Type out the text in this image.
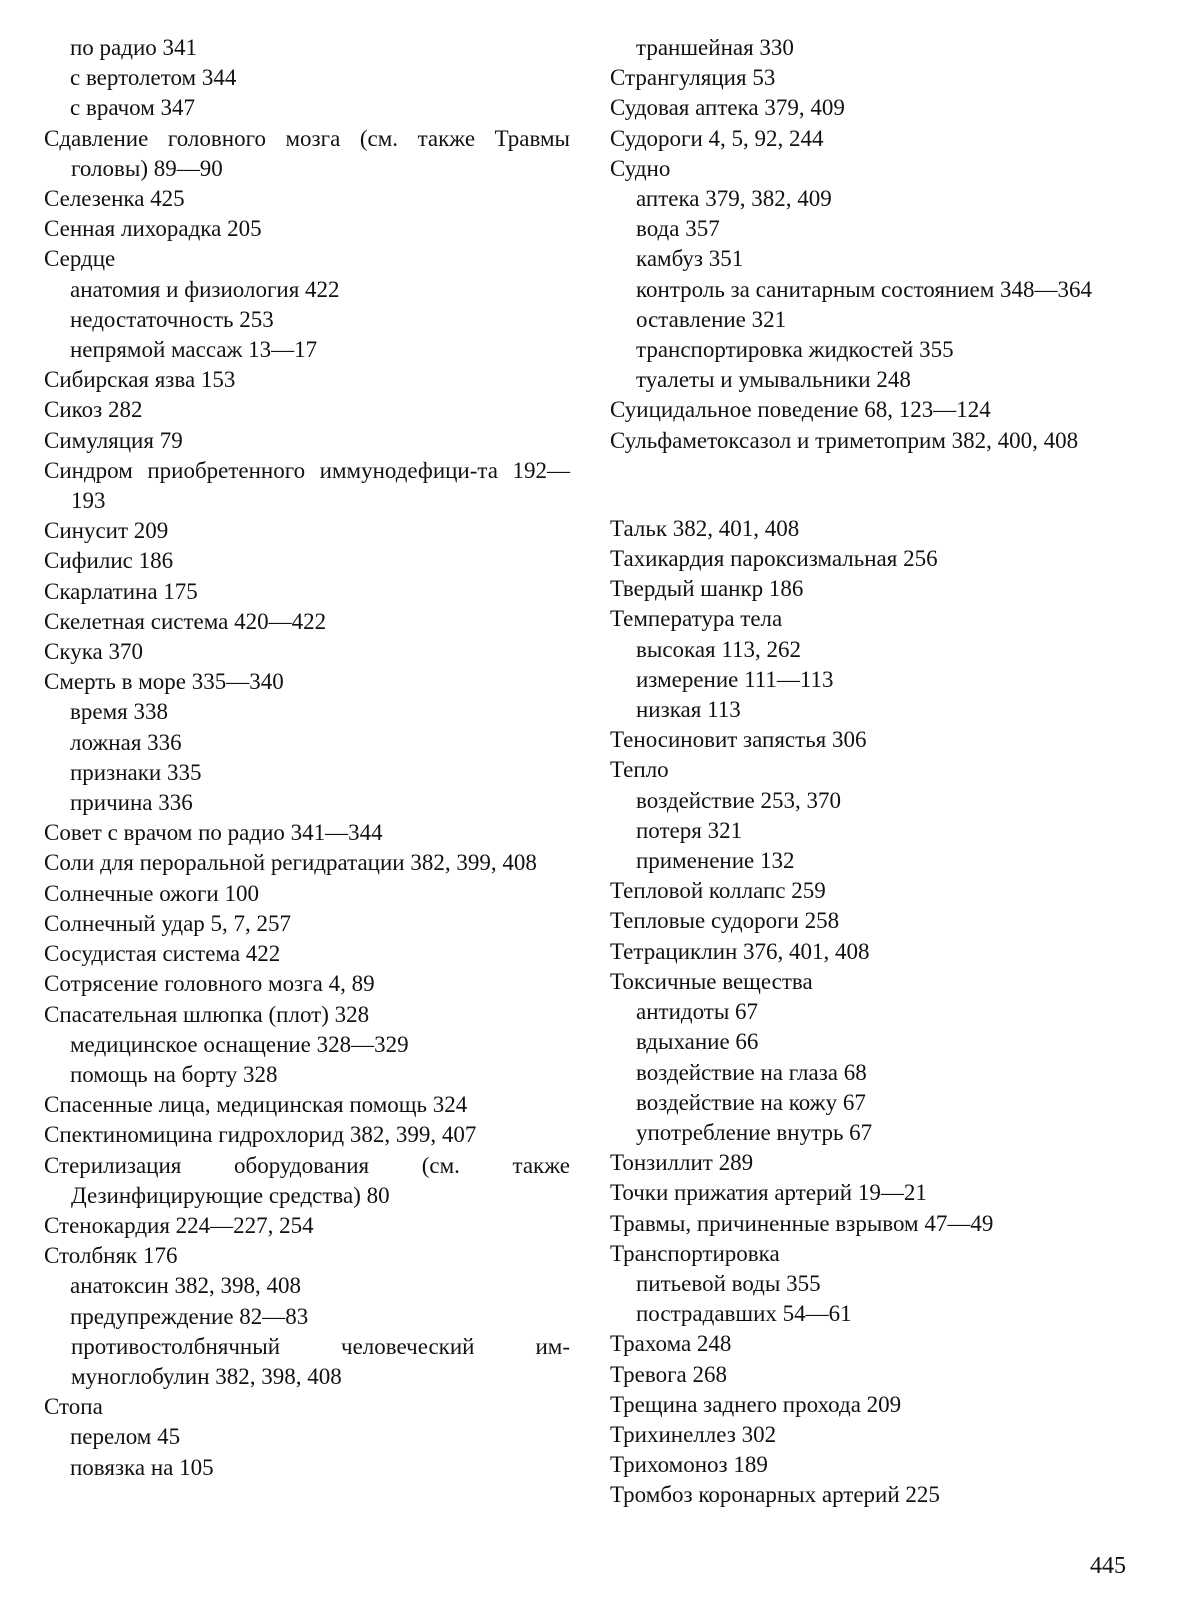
по радио 341

с вертолетом 344

с врачом 347

Сдавление головного мозга (см. также Травмы головы) 89—90

Селезенка 425

Сенная лихорадка 205

Сердце

анатомия и физиология 422

недостаточность 253

непрямой массаж 13—17

Сибирская язва 153

Сикоз 282

Симуляция 79

Синдром приобретенного иммунодефици-та 192—193

Синусит 209

Сифилис 186

Скарлатина 175

Скелетная система 420—422

Скука 370

Смерть в море 335—340

время 338

ложная 336

признаки 335

причина 336

Совет с врачом по радио 341—344

Соли для пероральной регидратации 382, 399, 408

Солнечные ожоги 100

Солнечный удар 5, 7, 257

Сосудистая система 422

Сотрясение головного мозга 4, 89

Спасательная шлюпка (плот) 328

медицинское оснащение 328—329

помощь на борту 328

Спасенные лица, медицинская помощь 324

Спектиномицина гидрохлорид 382, 399, 407

Стерилизация оборудования (см. также Дезинфицирующие средства) 80

Стенокардия 224—227, 254

Столбняк 176

анатоксин 382, 398, 408

предупреждение 82—83

противостолбнячный человеческий им-муноглобулин 382, 398, 408

Стопа

перелом 45

повязка на 105

траншейная 330

Странгуляция 53

Судовая аптека 379, 409

Судороги 4, 5, 92, 244

Судно

аптека 379, 382, 409

вода 357

камбуз 351

контроль за санитарным состоянием 348—364

оставление 321

транспортировка жидкостей 355

туалеты и умывальники 248

Суицидальное поведение 68, 123—124

Сульфаметоксазол и триметоприм 382, 400, 408

Тальк 382, 401, 408

Тахикардия пароксизмальная 256

Твердый шанкр 186

Температура тела

высокая 113, 262

измерение 111—113

низкая 113

Теносиновит запястья 306

Тепло

воздействие 253, 370

потеря 321

применение 132

Тепловой коллапс 259

Тепловые судороги 258

Тетрациклин 376, 401, 408

Токсичные вещества

антидоты 67

вдыхание 66

воздействие на глаза 68

воздействие на кожу 67

употребление внутрь 67

Тонзиллит 289

Точки прижатия артерий 19—21

Травмы, причиненные взрывом 47—49

Транспортировка

питьевой воды 355

пострадавших 54—61

Трахома 248

Тревога 268

Трещина заднего прохода 209

Трихинеллез 302

Трихомоноз 189

Тромбоз коронарных артерий 225

445
